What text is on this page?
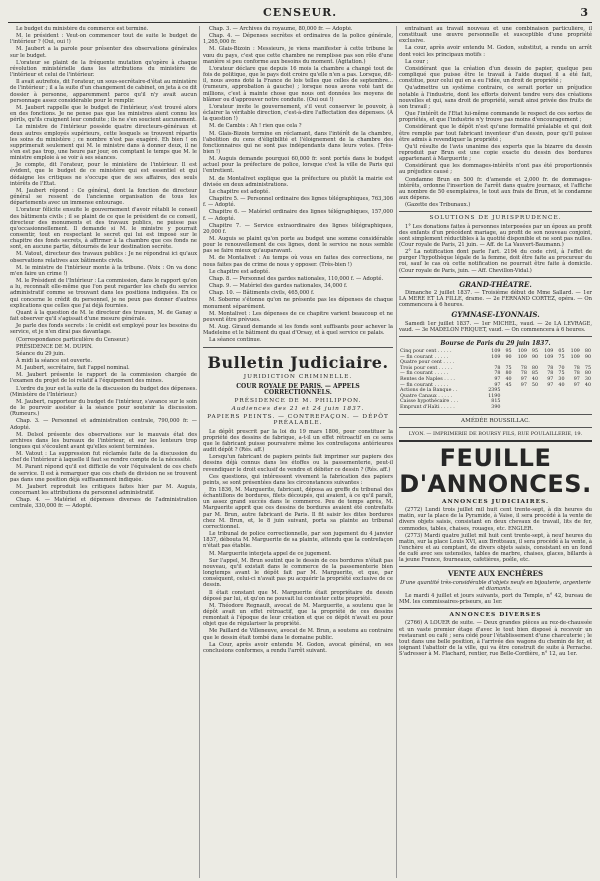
CENSEUR.	3

Le budget du ministère du commerce est terminé.

M. le président : Veut-on commencer tout de suite le budget de l'intérieur ? (Oui, oui !)

M. Jaubert a la parole pour présenter des observations générales sur le budget.

L'orateur se plaint de la fréquente mutation qu'opère à chaque révolution ministérielle dans les attributions du ministère de l'intérieur et celui de l'intérieur.

Il avait autrefois, dit l'orateur, un sous-secrétaire-d'état au ministère de l'intérieur ; il a la suite d'un changement de cabinet, on jeta à ce dit dossier à personne, apparemment parce qu'il n'y avait aucun personnage assez considérable pour le remplir.

M. Jaubert rappelle que le budget de l'intérieur, s'est trouvé alors en des fonctions. Je ne pense pas que les ministres aient connu les périls, qu'ils craignent leur conduite ; ils ne s'en soucient aucunement.

Le ministre de l'intérieur possède quatre directeurs-généraux et deux autres employés supérieurs, cette lesquels se trouvent répartis les soins du ministère ; ce nombre n'est pas exagéré. Eh bien ! on supprimerait seulement qui M. le ministre dans à donner deux, il ne s'en est pas trop, une heure par jour, on comptant le temps que M. le ministre emploie à se voir à ses séances.

Je compte, dit l'orateur, pour le ministère de l'intérieur. Il est évident, que le budget de ce ministère qui est essentiel et qui dédaigne les critiques ne s'occupe que de ses affaires, des seuls intérêts de l'Etat.

M. Jaubert répond : Ce général, dont la fonction de directeur général se ressent de l'ancienne organisation de tous les départements avec un immense entourage.

L'orateur félicite ensuite le gouvernement d'avoir rétabli le conseil des bâtiments civils ; il se plaint de ce que le président de ce conseil, directeur des monuments et des travaux publics, ne puisse pas qu'occasionnellement. Il demande si M. le ministre y pourrait consentir, tout en respectant le secret qui lui est imposé sur le chapitre des fonds secrets, à affirmer à la chambre que ces fonds ne sont, en aucune partie, détournés de leur destination secrète.

M. Vatout, directeur des travaux publics : Je ne répondrai ici qu'aux observations relatives aux bâtiments civils.

M. le ministre de l'intérieur monte à la tribune. (Voix : On va donc m'en faire un crime !)

M. le Président de l'Intérieur : La commission, dans le rapport qu'on a lu, reconnaît elle-même que l'on peut regarder les chefs du service administratif comme se trouvant dans les positions indiquées. En ce qui concerne le crédit du personnel, je ne peux pas donner d'autres explications que celles que j'ai déjà fournies.

Quant à la question de M. le directeur des travaux, M. de Ganay a fait observer qu'il s'agissait d'une mesure générale.

Je parle des fonds secrets : le crédit est employé pour les besoins du service, et je n'en dirai pas davantage.

(Correspondance particulière du Censeur.)

PRÉSIDENCE DE M. DUPIN.

Séance du 29 juin.

À midi la séance est ouverte.

M. Jaubert, secrétaire, fait l'appel nominal.

M. Jaubert présente le rapport de la commission chargée de l'examen du projet de loi relatif à l'équipement des mines.

L'ordre du jour est la suite de la discussion du budget des dépenses. (Ministère de l'Intérieur.)

M. Jaubert, rapporteur du budget de l'intérieur, s'avance sur le soin de le pourvoir assister à la séance pour soutenir la discussion. (Rumeurs.)

Chap. 3. — Personnel et administration centrale, 790,000 fr. — Adopté.

M. Delsol présente des observations sur le mauvais état des archives dans les bureaux de l'intérieur, et sur les lenteurs trop longues qui s'écoulent avant qu'elles soient terminées.

M. Vatout : La suppression fut réclamée faite de la discussion du chef de l'intérieur à laquelle il faut se rendre compte de la nécessité.

M. Parant répond qu'il est difficile de voir l'équivalent de ces chefs de service. Il est à remarquer que ces chefs de division ne se trouvent pas dans une position déjà suffisamment indiquée.

M. Jaubert reproduit les critiques faites hier par M. Auguis, concernant les attributions du personnel administratif.

Chap. 4. — Matériel et dépenses diverses de l'administration centrale, 330,000 fr. — Adopté.

Chap. 3. — Archives du royaume, 80,000 fr. — Adopté.

Chap. 4. — Dépenses secrètes et ordinaires de la police générale, 1,265,000 fr.

M. Glais-Bizoin : Messieurs, je viens manifester à cette tribune le vœu du pays, c'est que cette chambre ne remplisse pas son rôle d'une manière si peu conforme aux besoins du moment. (Agitation.)

L'orateur déclare que depuis 16 mois la chambre a changé tout de fois de politique, que le pays doit croire qu'elle n'en a pas. Lorsque, dit-il, nous avons doté la France de lois telles que celles de septembre... (rumeurs, approbation à gauche) ; lorsque nous avons voté tant de millions, c'est à mainte chose que nous ont données les moyens de blâmer ou d'approuver notre conduite. (Oui oui !)

L'orateur invite le gouvernement, s'il veut conserver le pouvoir, à éclairer la véritable direction, c'est-à-dire l'affectation des dépenses. (À la question !)

M. de Cambis : Ah ! rien que cela ?

M. Glais-Bizoin termine en réclamant, dans l'intérêt de la chambre, l'abolition du cens d'éligibilité et l'éloignement de la chambre des fonctionnaires qui ne sont pas indépendants dans leurs votes. (Très-bien !)

M. Auguis demande pourquoi 60,000 fr. sont portés dans le budget actuel pour la préfecture de police, lorsque c'est la ville de Paris qui l'entretient.

M. de Montalivet explique que la préfecture ou plutôt la mairie est divisée en deux administrations.

Le chapitre est adopté.

Chapitre 5. — Personnel ordinaire des lignes télégraphiques, 763,306 f. — Adopté.

Chapitre 6. — Matériel ordinaire des lignes télégraphiques, 157,000 f. — Adopté.

Chapitre 7. — Service extraordinaire des lignes télégraphiques, 20,000 f.

M. Auguis se plaint qu'on porte au budget une somme considérable pour le renouvellement de ces lignes, dont le service ne nous semble pas se faire mieux qu'auparavant.

M. de Montalivet : Au temps où vous en faites des corrections, ne nous faites pas de crime de nous y opposer. (Très-bien !)

Le chapitre est adopté.

Chap. 8. — Personnel des gardes nationales, 110,000 f. — Adopté.

Chap. 9. — Matériel des gardes nationales, 34,000 f.

Chap. 10. — Bâtiments civils, 465,000 f.

M. Soberne s'étonne qu'on ne présente pas les dépenses de chaque monument séparément.

M. Montalivet : Les dépenses de ce chapitre varient beaucoup et ne peuvent être prévues.

M. Aug. Giraud demande si les fonds sont suffisants pour achever la Madeleine et le bâtiment du quai d'Orsay, et à quel service ce palais.

La séance continue.

Bulletin Judiciaire.
JURIDICTION CRIMINELLE.
COUR ROYALE DE PARIS. — APPELS CORRECTIONNELS.
PRÉSIDENCE DE M. PHILIPPON.
Audiences des 21 et 24 juin 1837.
PAPIERS PEINTS. — CONTREFAÇON. — DÉPÔT PRÉALABLE.

Le dépôt prescrit par la loi du 19 mars 1806, pour constituer la propriété des dessins de fabrique, a-t-il un effet rétroactif en ce sens que le fabricant puisse poursuivre même les contrefaçons antérieures audit dépôt ? (Rés. aff.)

Lorsqu'un fabricant de papiers peints fait imprimer sur papiers des dessins déjà connus dans les étoffes ou la passementerie, peut-il revendiquer le droit exclusif de vendre et débiter ce dessin ? (Rés. aff.)

Ces questions, qui intéressent vivement la fabrication des papiers peints, se sont présentées dans les circonstances suivantes :

En 1836, M. Marguerite, fabricant, déposa au greffe du tribunal des échantillons de bordures, filets découpés, qui avaient, à ce qu'il paraît, un assez grand succès dans le commerce. Peu de temps après, M. Marguerite apprit que ces dessins de bordures avaient été contrefaits par M. Brun, autre fabricant de Paris. Il fit saisir les dites bordures chez M. Brun, et, le 8 juin suivant, porta sa plainte au tribunal correctionnel.

Le tribunal de police correctionnelle, par son jugement du 4 janvier 1837, débouta M. Marguerite de sa plainte, attendu que la contrefaçon n'était pas établie.

M. Marguerite interjeta appel de ce jugement.

Sur l'appel, M. Brun soutint que le dessin de ces bordures n'était pas nouveau, qu'il existait dans le commerce de la passementerie bien longtemps avant le dépôt fait par M. Marguerite, et que, par conséquent, celui-ci n'avait pas pu acquérir la propriété exclusive de ce dessin.

Il était constant que M. Marguerite était propriétaire du dessin déposé par lui, et qu'on ne pouvait lui contester cette propriété.

M. Théodore Regnault, avocat de M. Marguerite, a soutenu que le dépôt avait un effet rétroactif, que la propriété de ces dessins remontait à l'époque de leur création et que ce dépôt n'avait eu pour objet que de régulariser la propriété.

Me Paillard de Villeneuve, avocat de M. Brun, a soutenu au contraire que le dessin était tombé dans le domaine public.

La Cour, après avoir entendu M. Godon, avocat général, en ses conclusions conformes, a rendu l'arrêt suivant.

entraînant au travail nouveau et une combinaison particulière, il constituait une œuvre personnelle et susceptible d'une propriété exclusive.

La cour, après avoir entendu M. Godon, substitut, a rendu un arrêt dont voici les principaux motifs :

La cour ;

Considérant que la création d'un dessin de papier, quelque peu compliqué que puisse être le travail à l'aide duquel il a été fait, constitue, pour celui qui en a eu l'idée, un droit de propriété ;

Qu'admettre un système contraire, ce serait porter un préjudice notable à l'industrie, dont les efforts doivent tendre vers des créations nouvelles et qui, sans droit de propriété, serait ainsi privée des fruits de son travail ;

Que l'intérêt de l'Etat lui-même commande le respect de ces sortes de propriétés, et que l'industrie n'y trouve pas moins d'encouragement ;

Considérant que le dépôt n'est qu'une formalité préalable et qui doit être remplie par tout fabricant inventeur d'un dessin, pour qu'il puisse être admis à revendiquer la propriété ;

Qu'il résulte de l'avis unanime des experts que la bizarre du dessin reproduit par Brun est une copie exacte du dessin des bordures appartenant à Marguerite ;

Considérant que les dommages-intérêts n'ont pas été proportionnés au préjudice causé ;

Condamne Brun en 500 fr. d'amende et 2,000 fr. de dommages-intérêts, ordonne l'insertion de l'arrêt dans quatre journaux, et l'affiche au nombre de 50 exemplaires, le tout aux frais de Brun, et le condamne aux dépens.

(Gazette des Tribunaux.)

SOLUTIONS DE JURISPRUDENCE.

1° Les donations faites à personnes interposées par un époux au profit des enfants d'un précédent mariage, au profit de son nouveau conjoint, sont simplement réductibles à la quotité disponible et ne sont pas nulles. (Cour royale de Paris, 21 juin. — Aff. de La Vauvert-Baumann.)

2° La notification dont parle l'art. 2194 du code civil, à l'effet de purger l'hypothèque légale de la femme, doit être faite au procureur du roi, sauf le cas où cette notification ne pourrait être faite à domicile. (Cour royale de Paris, juin. — Aff. Chevillon-Vidal.)

GRAND-THÉATRE.

Dimanche 2 juillet 1837. — Troisième début de Mme Sallard. — 1er LA MERE ET LA FILLE, drame. — 2e FERNAND CORTEZ, opéra. — On commencera à 6 heures.

GYMNASE-LYONNAIS.

Samedi 1er juillet 1837. — 1er MICHEL, vaud. — 2e LA LEVRAGE, vaud. — 3e MADELON FRIQUET, vaud. — On commencera à 6 heures.

Bourse de Paris du 29 juin 1837.
Cinq pour cent . . . . .	109	95	109	95	109	05	109	80
— fin courant . . . . .	109	90	109	90	109	75	109	90
Quatre pour cent . . . .								
Trois pour cent . . . . .	78	75	78	80	78	70	78	75
— fin courant . . . . .	78	80	78	85	78	75	78	80
Rentes de Naples . . . .	97	40	97	40	97	30	97	30
— fin courant . . . . .	97	45	97	50	97	40	97	40
Actions de la Banque . .	2395							
Quatre Canaux . . . . .	1190							
Caisse hypothécaire . . .	815							
Emprunt d'Haïti . . . . .	390							
AMÉDÉE ROUSSILLAC.
LYON. — IMPRIMERIE DE BOURSY FILS, RUE POULAILLERIE, 19.
FEUILLE D'ANNONCES.
ANNONCES JUDICIAIRES.

(2772) Lundi trois juillet mil huit cent trente-sept, à dix heures du matin, sur la place de la Pyramide, à Vaise, il sera procédé à la vente de divers objets saisis, consistant en deux chevaux de travail, lits de fer, commodes, tables, chaises, rouages, etc. ENGLER.

(2773) Mardi quatre juillet mil huit cent trente-sept, à neuf heures du matin, sur la place Louis XVI, aux Brotteaux, il sera procédé à la vente, à l'enchère et au comptant, de divers objets saisis, consistant en un fond de café avec ses ustensiles, tables de marbre, chaises, glaces, billards à la jeune France, fourneaux, cafetières, poêle, etc.

VENTE AUX ENCHÈRES

D'une quantité très-considérable d'objets neufs en bijouterie, argenterie et diamants.

Le mardi 4 juillet et jours suivants, port du Temple, n° 42, bureau de MM. les commissaires-priseurs, au 1er.

ANNONCES DIVERSES

(2766) A LOUER de suite. — Deux grandes pièces au rez-de-chaussée et un vaste premier étage d'avec le tout bien disposé à recevoir un restaurant ou café ; sera cédé pour l'établissement d'une charcuterie ; le tout dans une belle position, à l'arrivée des wagons du chemin de fer, et joignant l'abattoir de la ville, qui va être construit de suite à Perrache. S'adresser à M. Flachard, rentier, rue Belle-Cordière, n° 12, au 1er.
